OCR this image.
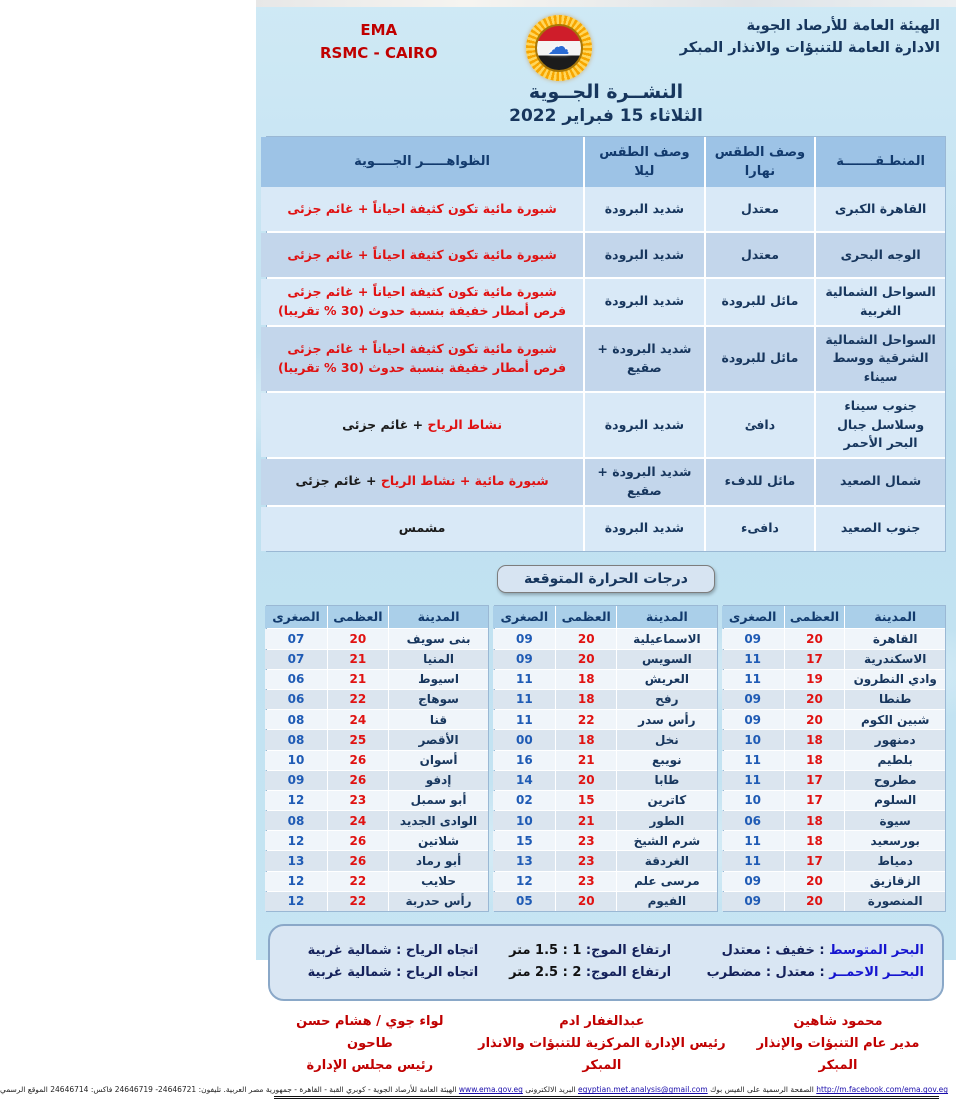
الهيئة العامة للأرصاد الجوية
الادارة العامة للتنبؤات والانذار المبكر
☁
EMA
RSMC - CAIRO
النشــرة الجــوية
الثلاثاء 15 فبراير 2022
المنطـقـــــــة
وصف الطقس نهارا
وصف الطقس ليلا
الظواهـــــر الجــــوية
القاهرة الكبرى
معتدل
شديد البرودة
شبورة مائية تكون كثيفة احياناً + غائم جزئى
الوجه البحرى
معتدل
شديد البرودة
شبورة مائية تكون كثيفة احياناً + غائم جزئى
السواحل الشمالية الغربية
مائل للبرودة
شديد البرودة
شبورة مائية تكون كثيفة احياناً + غائم جزئى
فرص أمطار خفيفة بنسبة حدوث (30 % تقريبا)
السواحل الشمالية الشرقية ووسط سيناء
مائل للبرودة
شديد البرودة + صقيع
شبورة مائية تكون كثيفة احياناً + غائم جزئى
فرص أمطار خفيفة بنسبة حدوث (30 % تقريبا)
جنوب سيناء وسلاسل جبال البحر الأحمر
دافئ
شديد البرودة
نشاط الرياح + غائم جزئى
شمال الصعيد
مائل للدفء
شديد البرودة + صقيع
شبورة مائية + نشاط الرياح + غائم جزئى
جنوب الصعيد
دافىء
شديد البرودة
مشمس
درجات الحرارة المتوقعة
المدينة
العظمى
الصغرى
القاهرة
20
09
الاسكندرية
17
11
وادي النطرون
19
11
طنطا
20
09
شبين الكوم
20
09
دمنهور
18
10
بلطيم
18
11
مطروح
17
11
السلوم
17
10
سيوة
18
06
بورسعيد
18
11
دمياط
17
11
الزقازيق
20
09
المنصورة
20
09
المدينة
العظمى
الصغرى
الاسماعيلية
20
09
السويس
20
09
العريش
18
11
رفح
18
11
رأس سدر
22
11
نخل
18
00
نويبع
21
16
طابا
20
14
كاترين
15
02
الطور
21
10
شرم الشيخ
23
15
الغردقة
23
13
مرسى علم
23
12
الفيوم
20
05
المدينة
العظمى
الصغرى
بنى سويف
20
07
المنيا
21
07
اسيوط
21
06
سوهاج
22
06
قنا
24
08
الأقصر
25
08
أسوان
26
10
إدفو
26
09
أبو سمبل
23
12
الوادى الجديد
24
08
شلاتين
26
12
أبو رماد
26
13
حلايب
22
12
رأس حدربة
22
12
البحر المتوسط : خفيف : معتدل
ارتفاع الموج: 1 : 1.5 متر
اتجاه الرياح : شمالية غربية
البحــر الاحمــر : معتدل : مضطرب
ارتفاع الموج: 2 : 2.5 متر
اتجاه الرياح : شمالية غربية
محمود شاهين
مدير عام التنبؤات والإنذار المبكر
عبدالغفار ادم
رئيس الإدارة المركزية للتنبؤات والانذار المبكر
لواء جوي / هشام حسن طاحون
رئيس مجلس الإدارة
http://m.facebook.com/ema.gov.eg الصفحة الرسمية على الفيس بوك egyptian.met.analysis@gmail.com البريد الالكترونى www.ema.gov.eg الهيئة العامة للأرصاد الجوية - كوبري القبة - القاهرة - جمهورية مصر العربية. تليفون: 24646721- 24646719 فاكس: 24646714 الموقع الرسمي
